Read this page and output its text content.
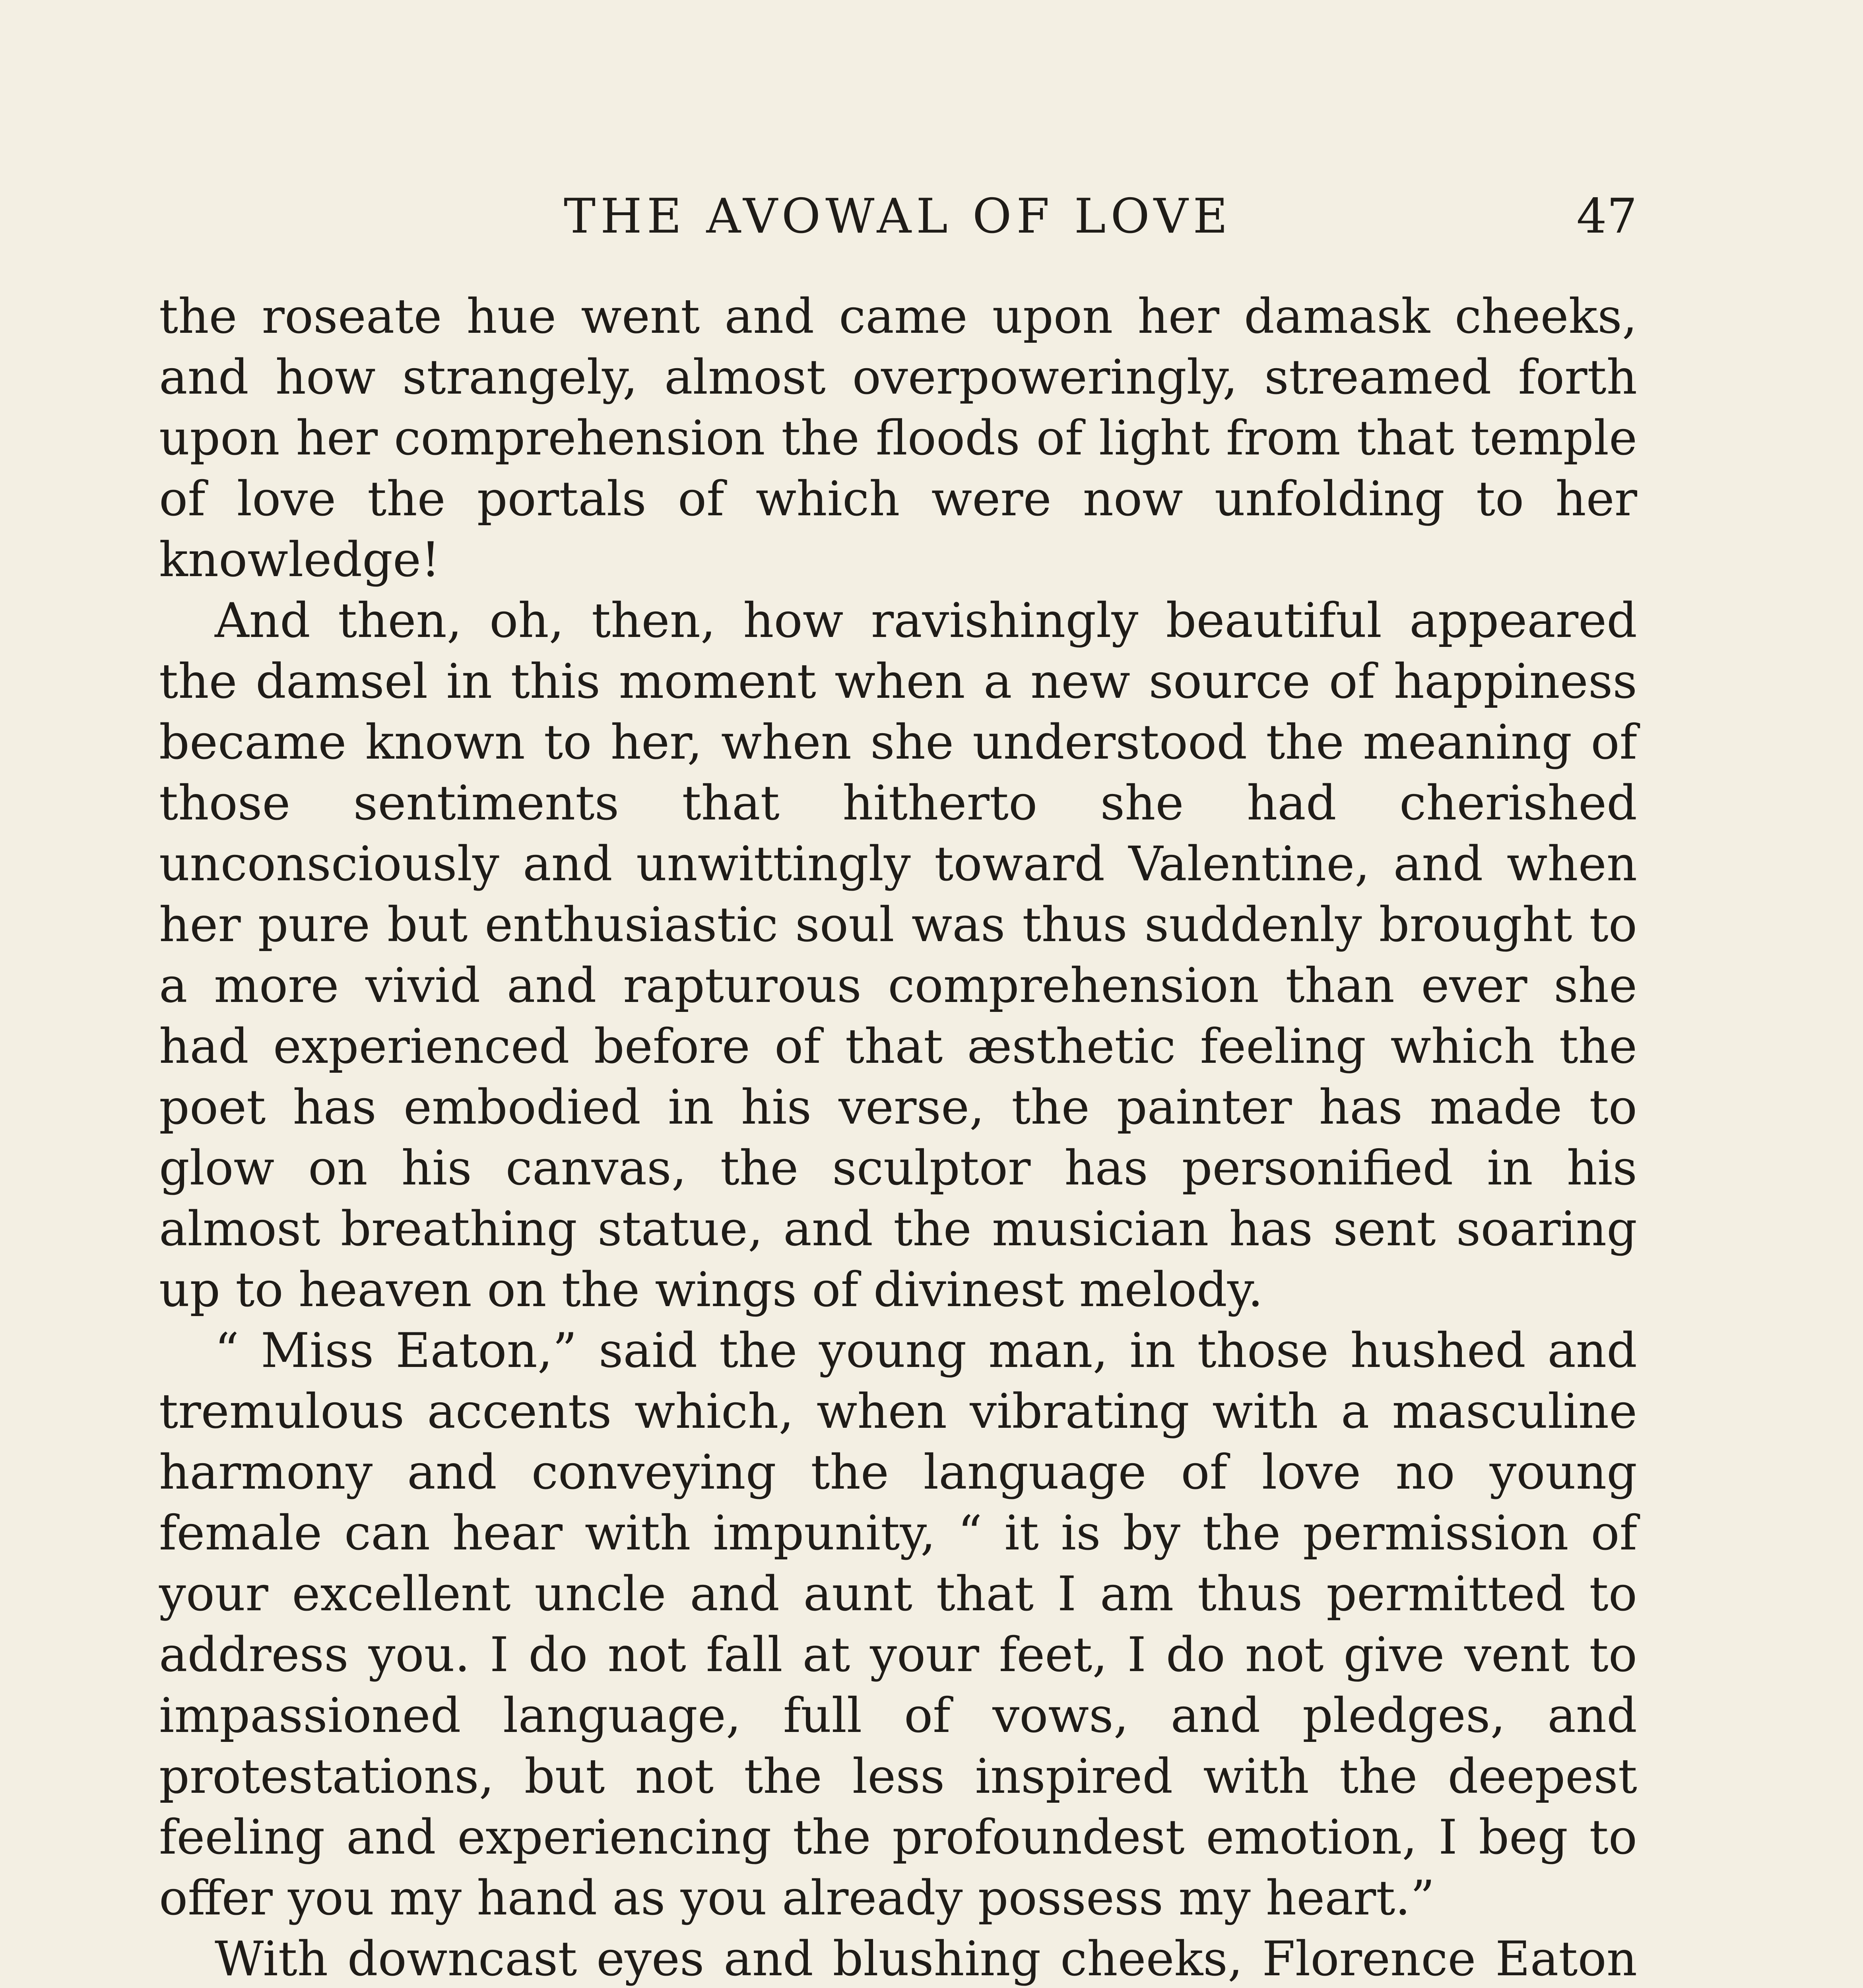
THE AVOWAL OF LOVE	47

the roseate hue went and came upon her damask cheeks, and how strangely, almost overpoweringly, streamed forth upon her comprehension the floods of light from that temple of love the portals of which were now unfolding to her knowledge!

And then, oh, then, how ravishingly beautiful appeared the damsel in this moment when a new source of happiness became known to her, when she understood the meaning of those sentiments that hitherto she had cherished unconsciously and unwittingly toward Valentine, and when her pure but enthusiastic soul was thus suddenly brought to a more vivid and rapturous comprehension than ever she had experienced before of that æsthetic feeling which the poet has embodied in his verse, the painter has made to glow on his canvas, the sculptor has personified in his almost breathing statue, and the musician has sent soaring up to heaven on the wings of divinest melody.

“ Miss Eaton,” said the young man, in those hushed and tremulous accents which, when vibrating with a masculine harmony and conveying the language of love no young female can hear with impunity, “ it is by the permission of your excellent uncle and aunt that I am thus permitted to address you. I do not fall at your feet, I do not give vent to impassioned language, full of vows, and pledges, and protestations, but not the less inspired with the deepest feeling and experiencing the profoundest emotion, I beg to offer you my hand as you already possess my heart.”

With downcast eyes and blushing cheeks, Florence Eaton
